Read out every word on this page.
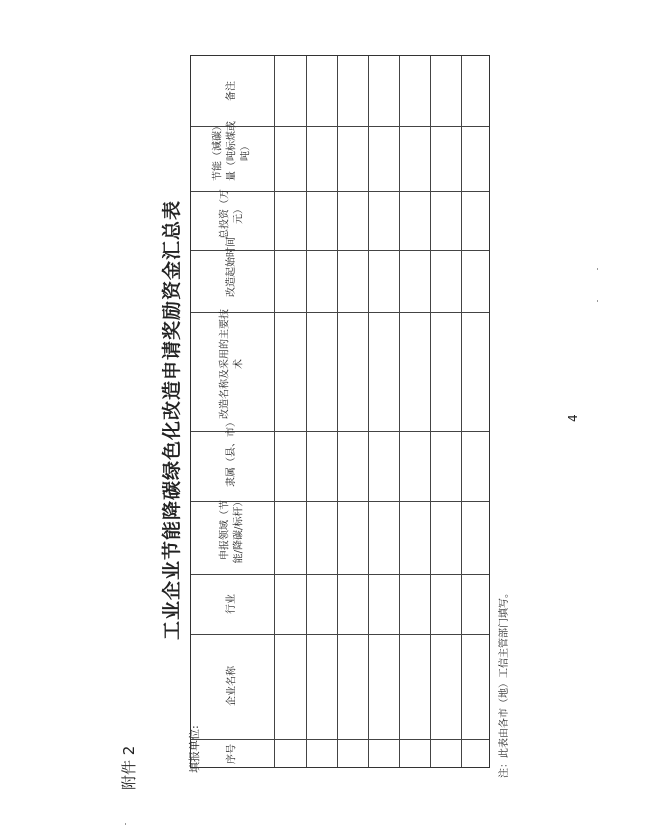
附件 2
工业企业节能降碳绿色化改造申请奖励资金汇总表
填报单位:	序号
企业名称
行业
申报领域（节能/降碳/标杆）
隶属（县、市）
改造名称及采用的主要技术
改造起始时间
总投资（万元）
节能（減碳）量（吨标煤或吨）
备注
注：此表由各市（地）工信主管部门填写。
4
